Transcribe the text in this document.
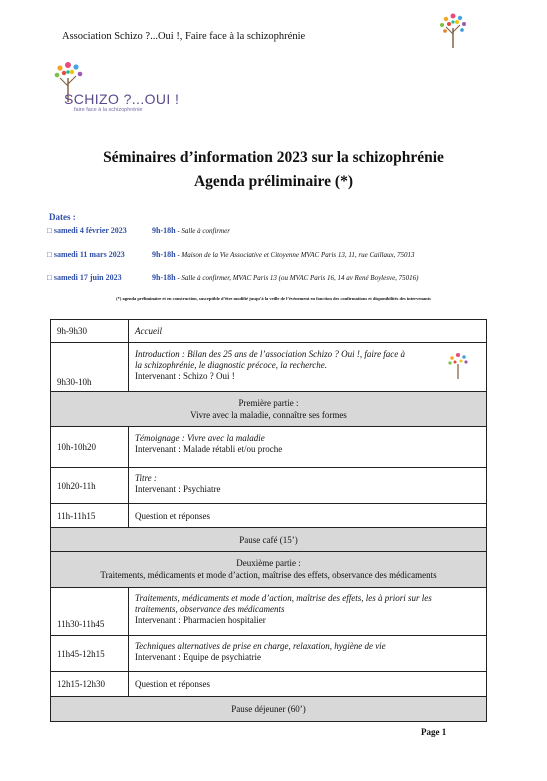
Association Schizo ?...Oui !, Faire face à la schizophrénie
SCHIZO ?...OUI !
faire face à la schizophrénie
Séminaires d’information 2023 sur la schizophrénie
Agenda préliminaire (*)
Dates :
□ samedi 4 février 2023	9h-18h - Salle à confirmer
□ samedi 11 mars 2023	9h-18h - Maison de la Vie Associative et Citoyenne MVAC Paris 13, 11, rue Caillaux, 75013
□ samedi 17 juin 2023	9h-18h - Salle à confirmer, MVAC Paris 13 (ou MVAC Paris 16, 14 av René Boylesve, 75016)
(*) agenda préliminaire et en construction, susceptible d’être modifié jusqu’à la veille de l’événement en fonction des confirmations et disponibilités des intervenants
9h-9h30	Accueil
9h30-10h	Introduction : Bilan des 25 ans de l’association Schizo ? Oui !, faire face à
la schizophrénie, le diagnostic précoce, la recherche.
Intervenant : Schizo ? Oui !

Première partie :
Vivre avec la maladie, connaître ses formes	

10h-10h20	Témoignage : Vivre avec la maladie
Intervenant : Malade rétabli et/ou proche

10h20-11h	Titre :
Intervenant : Psychiatre

11h-11h15	Question et réponses
Pause café (15’)	

Deuxième partie :
Traitements, médicaments et mode d’action, maîtrise des effets, observance des médicaments	

11h30-11h45	Traitements, médicaments et mode d’action, maîtrise des effets, les à priori sur les
traitements, observance des médicaments
Intervenant : Pharmacien hospitalier

11h45-12h15	Techniques alternatives de prise en charge, relaxation, hygiène de vie
Intervenant : Equipe de psychiatrie

12h15-12h30	Question et réponses
Pause déjeuner (60’)	
Page 1
